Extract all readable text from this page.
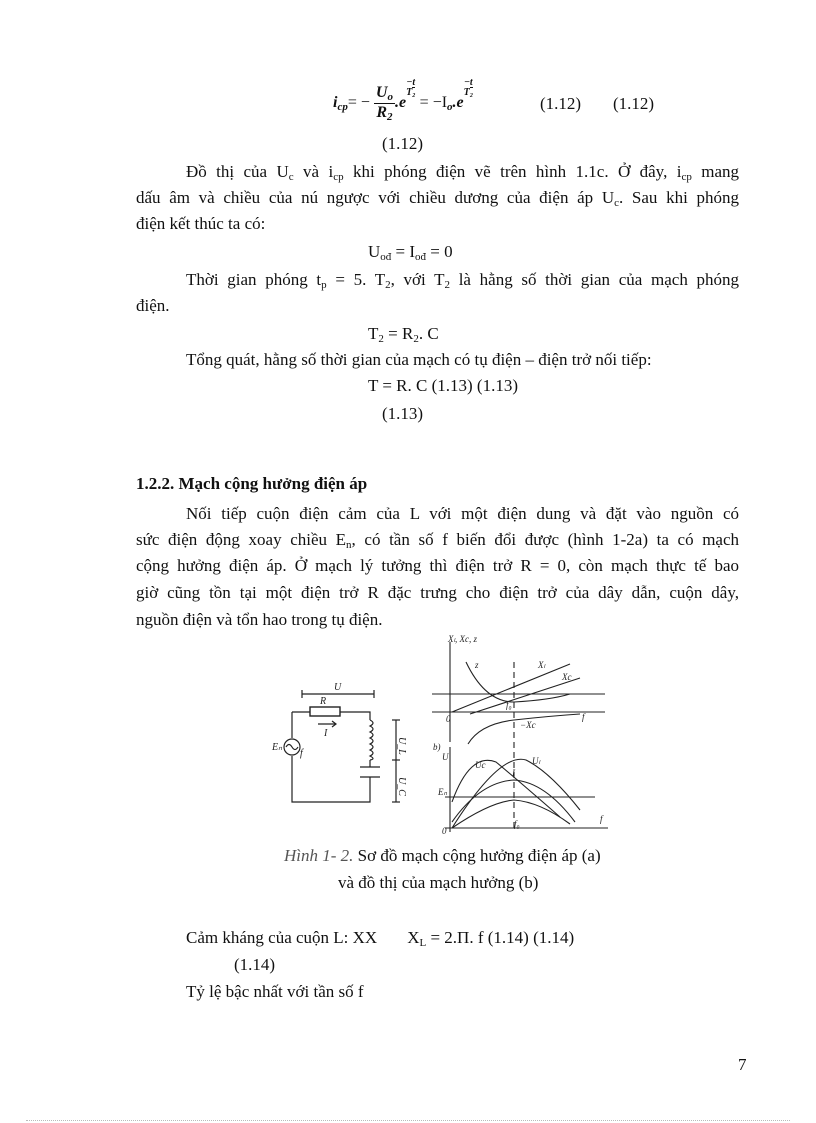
$i_{cp}= - \frac{U_o}{R_2} .e-t$
$T_2 = -I_o.e-t$
T₂
(1.12) (1.12)
(1.12)
Đồ thị của $U_c$ và $i_{cp}$ khi phóng điện vẽ trên hình 1.1c. Ở đây, $i_{cp}$ mang
dấu âm và chiều của nú ngược với chiều dương của điện áp $U_c$. Sau khi phóng
điện kết thúc ta có:
$U_{ođ} = I_{ođ} = 0$
Thời gian phóng $t_p = 5$. $T_2$, với $T_2$ là hằng số thời gian của mạch phóng
điện.
$T_2 = R_2$. C
Tổng quát, hằng số thời gian của mạch có tụ điện – điện trở nối tiếp:
T = R. C (1.13) (1.13)
(1.13)
1.2.2. Mạch cộng hưởng điện áp
Nối tiếp cuộn điện cảm của L với một điện dung và đặt vào nguồn có
sức điện động xoay chiều $E_n$, có tần số f biến đổi được (hình 1-2a) ta có mạch
cộng hưởng điện áp. Ở mạch lý tưởng thì điện trở R = 0, còn mạch thực tế bao
giờ cũng tồn tại một điện trở R đặc trưng cho điện trở của dây dẫn, cuộn dây,
nguồn điện và tổn hao trong tụ điện.
U
R
I
Eₙ
f	U_L
U_C
Xₗ, Xc, z
z	Xₗ
Xc
0
f₀
f
−Xc
b)
U
Uc	Uₗ
I
Eₙ
0
f₀	f
Hình 1- 2. Sơ đồ mạch cộng hưởng điện áp (a)
và đồ thị của mạch hưởng (b)
Cảm kháng của cuộn L: XX $X_L = 2.\Pi$. f (1.14) (1.14)
(1.14)
Tỷ lệ bậc nhất với tần số f
7
